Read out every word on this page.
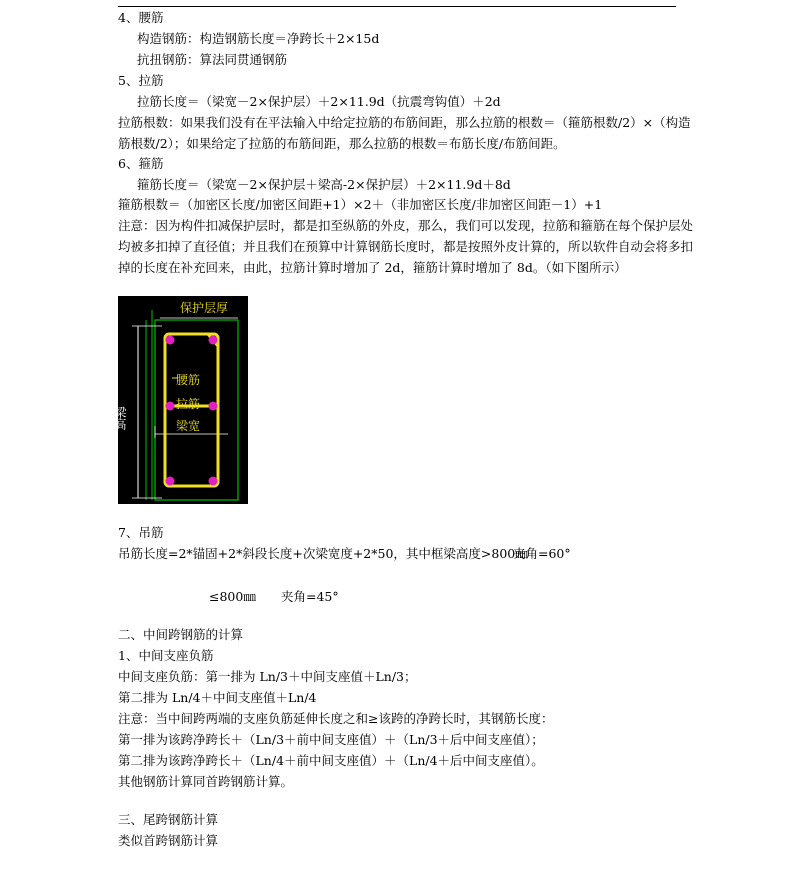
4、腰筋
构造钢筋：构造钢筋长度＝净跨长＋2×15d
抗扭钢筋：算法同贯通钢筋
5、拉筋
拉筋长度＝（梁宽－2×保护层）＋2×11.9d（抗震弯钩值）＋2d
拉筋根数：如果我们没有在平法输入中给定拉筋的布筋间距，那么拉筋的根数＝（箍筋根数/2）×（构造
筋根数/2）；如果给定了拉筋的布筋间距，那么拉筋的根数＝布筋长度/布筋间距。
6、箍筋
箍筋长度＝（梁宽－2×保护层＋梁高-2×保护层）＋2×11.9d＋8d
箍筋根数＝（加密区长度/加密区间距+1）×2＋（非加密区长度/非加密区间距－1）+1
注意：因为构件扣减保护层时，都是扣至纵筋的外皮，那么，我们可以发现，拉筋和箍筋在每个保护层处
均被多扣掉了直径值；并且我们在预算中计算钢筋长度时，都是按照外皮计算的，所以软件自动会将多扣
掉的长度在补充回来，由此，拉筋计算时增加了 2d，箍筋计算时增加了 8d。（如下图所示）
保护层厚
腰筋
拉筋
梁宽
梁高
7、吊筋
吊筋长度=2*锚固+2*斜段长度+次梁宽度+2*50，其中框梁高度>800㎜
夹角=60°
≤800㎜ 夹角=45°
二、中间跨钢筋的计算
1、中间支座负筋
中间支座负筋：第一排为 Ln/3＋中间支座值＋Ln/3；
第二排为 Ln/4＋中间支座值＋Ln/4
注意：当中间跨两端的支座负筋延伸长度之和≥该跨的净跨长时，其钢筋长度：
第一排为该跨净跨长＋（Ln/3＋前中间支座值）＋（Ln/3＋后中间支座值）；
第二排为该跨净跨长＋（Ln/4＋前中间支座值）＋（Ln/4＋后中间支座值）。
其他钢筋计算同首跨钢筋计算。
三、尾跨钢筋计算
类似首跨钢筋计算
